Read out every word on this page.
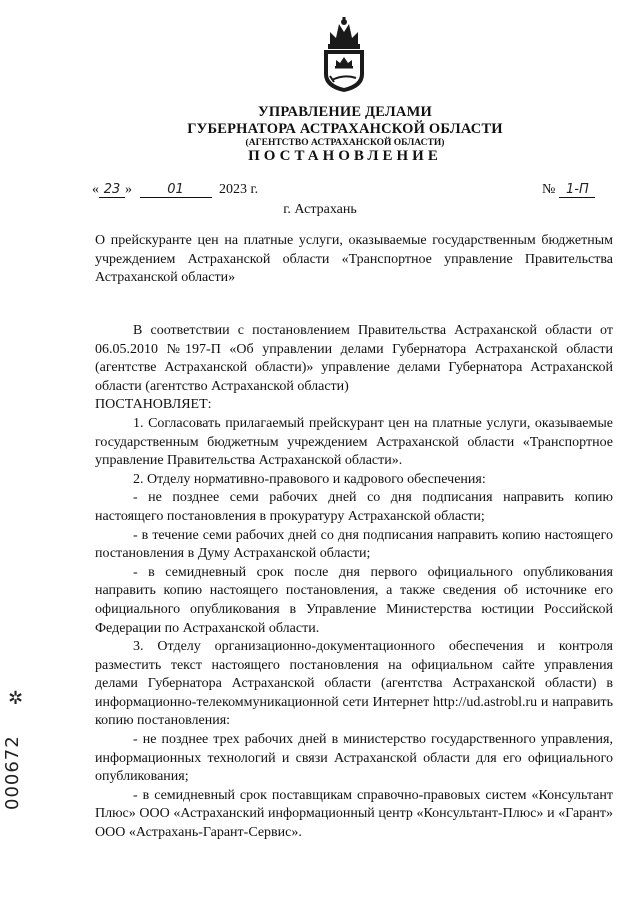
УПРАВЛЕНИЕ ДЕЛАМИ
ГУБЕРНАТОРА АСТРАХАНСКОЙ ОБЛАСТИ
(АГЕНТСТВО АСТРАХАНСКОЙ ОБЛАСТИ)
ПОСТАНОВЛЕНИЕ
« 23 »	01	2023 г.	№ 1-П
г. Астрахань
О прейскуранте цен на платные услуги, оказываемые государственным бюджетным учреждением Астраханской области «Транспортное управление Правительства Астраханской области»

В соответствии с постановлением Правительства Астраханской области от 06.05.2010 №197-П «Об управлении делами Губернатора Астраханской области (агентстве Астраханской области)» управление делами Губернатора Астраханской области (агентство Астраханской области)

ПОСТАНОВЛЯЕТ:

1. Согласовать прилагаемый прейскурант цен на платные услуги, оказываемые государственным бюджетным учреждением Астраханской области «Транспортное управление Правительства Астраханской области».

2. Отделу нормативно-правового и кадрового обеспечения:

- не позднее семи рабочих дней со дня подписания направить копию настоящего постановления в прокуратуру Астраханской области;

- в течение семи рабочих дней со дня подписания направить копию настоящего постановления в Думу Астраханской области;

- в семидневный срок после дня первого официального опубликования направить копию настоящего постановления, а также сведения об источнике его официального опубликования в Управление Министерства юстиции Российской Федерации по Астраханской области.

3. Отделу организационно-документационного обеспечения и контроля разместить текст настоящего постановления на официальном сайте управления делами Губернатора Астраханской области (агентства Астраханской области) в информационно-телекоммуникационной сети Интернет http://ud.astrobl.ru и направить копию постановления:

- не позднее трех рабочих дней в министерство государственного управления, информационных технологий и связи Астраханской области для его официального опубликования;

- в семидневный срок поставщикам справочно-правовых систем «Консультант Плюс» ООО «Астраханский информационный центр «Консультант-Плюс» и «Гарант» ООО «Астрахань-Гарант-Сервис».

✲
000672
